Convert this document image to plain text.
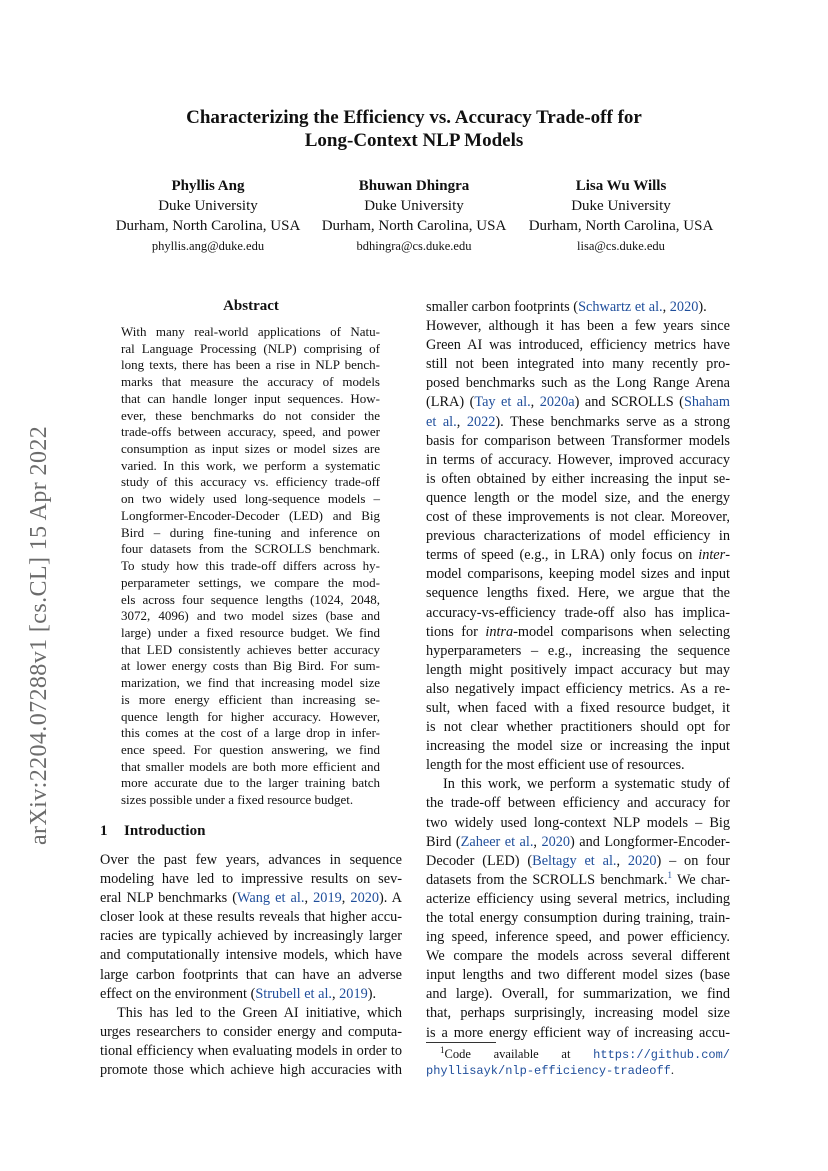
Characterizing the Efficiency vs. Accuracy Trade-off for
Long-Context NLP Models
Phyllis Ang
Duke University
Durham, North Carolina, USA
phyllis.ang@duke.edu
Bhuwan Dhingra
Duke University
Durham, North Carolina, USA
bdhingra@cs.duke.edu
Lisa Wu Wills
Duke University
Durham, North Carolina, USA
lisa@cs.duke.edu
arXiv:2204.07288v1 [cs.CL] 15 Apr 2022
Abstract
With many real-world applications of Natu-
ral Language Processing (NLP) comprising of
long texts, there has been a rise in NLP bench-
marks that measure the accuracy of models
that can handle longer input sequences. How-
ever, these benchmarks do not consider the
trade-offs between accuracy, speed, and power
consumption as input sizes or model sizes are
varied. In this work, we perform a systematic
study of this accuracy vs. efficiency trade-off
on two widely used long-sequence models –
Longformer-Encoder-Decoder (LED) and Big
Bird – during fine-tuning and inference on
four datasets from the SCROLLS benchmark.
To study how this trade-off differs across hy-
perparameter settings, we compare the mod-
els across four sequence lengths (1024, 2048,
3072, 4096) and two model sizes (base and
large) under a fixed resource budget. We find
that LED consistently achieves better accuracy
at lower energy costs than Big Bird. For sum-
marization, we find that increasing model size
is more energy efficient than increasing se-
quence length for higher accuracy. However,
this comes at the cost of a large drop in infer-
ence speed. For question answering, we find
that smaller models are both more efficient and
more accurate due to the larger training batch
sizes possible under a fixed resource budget.
1 Introduction
Over the past few years, advances in sequence
modeling have led to impressive results on sev-
eral NLP benchmarks (Wang et al., 2019, 2020). A
closer look at these results reveals that higher accu-
racies are typically achieved by increasingly larger
and computationally intensive models, which have
large carbon footprints that can have an adverse
effect on the environment (Strubell et al., 2019).
This has led to the Green AI initiative, which
urges researchers to consider energy and computa-
tional efficiency when evaluating models in order to
promote those which achieve high accuracies with
smaller carbon footprints (Schwartz et al., 2020).
However, although it has been a few years since
Green AI was introduced, efficiency metrics have
still not been integrated into many recently pro-
posed benchmarks such as the Long Range Arena
(LRA) (Tay et al., 2020a) and SCROLLS (Shaham
et al., 2022). These benchmarks serve as a strong
basis for comparison between Transformer models
in terms of accuracy. However, improved accuracy
is often obtained by either increasing the input se-
quence length or the model size, and the energy
cost of these improvements is not clear. Moreover,
previous characterizations of model efficiency in
terms of speed (e.g., in LRA) only focus on inter-
model comparisons, keeping model sizes and input
sequence lengths fixed. Here, we argue that the
accuracy-vs-efficiency trade-off also has implica-
tions for intra-model comparisons when selecting
hyperparameters – e.g., increasing the sequence
length might positively impact accuracy but may
also negatively impact efficiency metrics. As a re-
sult, when faced with a fixed resource budget, it
is not clear whether practitioners should opt for
increasing the model size or increasing the input
length for the most efficient use of resources.
In this work, we perform a systematic study of
the trade-off between efficiency and accuracy for
two widely used long-context NLP models – Big
Bird (Zaheer et al., 2020) and Longformer-Encoder-
Decoder (LED) (Beltagy et al., 2020) – on four
datasets from the SCROLLS benchmark.$^1$ We char-
acterize efficiency using several metrics, including
the total energy consumption during training, train-
ing speed, inference speed, and power efficiency.
We compare the models across several different
input lengths and two different model sizes (base
and large). Overall, for summarization, we find
that, perhaps surprisingly, increasing model size
is a more energy efficient way of increasing accu-
$^1$Code available at https://github.com/
phyllisayk/nlp-efficiency-tradeoff.
